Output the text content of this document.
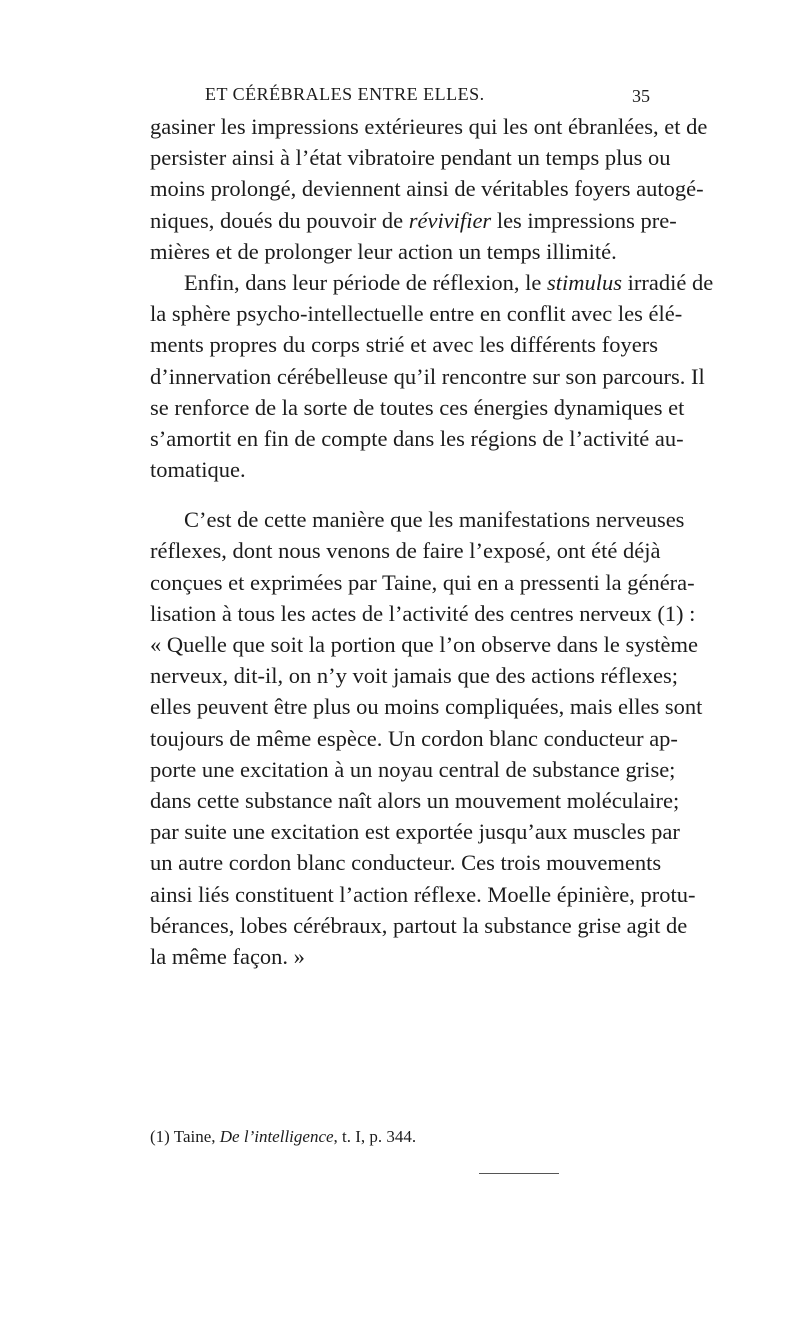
ET CÉRÉBRALES ENTRE ELLES.	35
gasiner les impressions extérieures qui les ont ébranlées, et de
persister ainsi à l’état vibratoire pendant un temps plus ou
moins prolongé, deviennent ainsi de véritables foyers autogé-
niques, doués du pouvoir de révivifier les impressions pre-
mières et de prolonger leur action un temps illimité.
Enfin, dans leur période de réflexion, le stimulus irradié de
la sphère psycho-intellectuelle entre en conflit avec les élé-
ments propres du corps strié et avec les différents foyers
d’innervation cérébelleuse qu’il rencontre sur son parcours. Il
se renforce de la sorte de toutes ces énergies dynamiques et
s’amortit en fin de compte dans les régions de l’activité au-
tomatique.
C’est de cette manière que les manifestations nerveuses
réflexes, dont nous venons de faire l’exposé, ont été déjà
conçues et exprimées par Taine, qui en a pressenti la généra-
lisation à tous les actes de l’activité des centres nerveux (1) :
« Quelle que soit la portion que l’on observe dans le système
nerveux, dit-il, on n’y voit jamais que des actions réflexes;
elles peuvent être plus ou moins compliquées, mais elles sont
toujours de même espèce. Un cordon blanc conducteur ap-
porte une excitation à un noyau central de substance grise;
dans cette substance naît alors un mouvement moléculaire;
par suite une excitation est exportée jusqu’aux muscles par
un autre cordon blanc conducteur. Ces trois mouvements
ainsi liés constituent l’action réflexe. Moelle épinière, protu-
bérances, lobes cérébraux, partout la substance grise agit de
la même façon. »
(1) Taine, De l’intelligence, t. I, p. 344.
